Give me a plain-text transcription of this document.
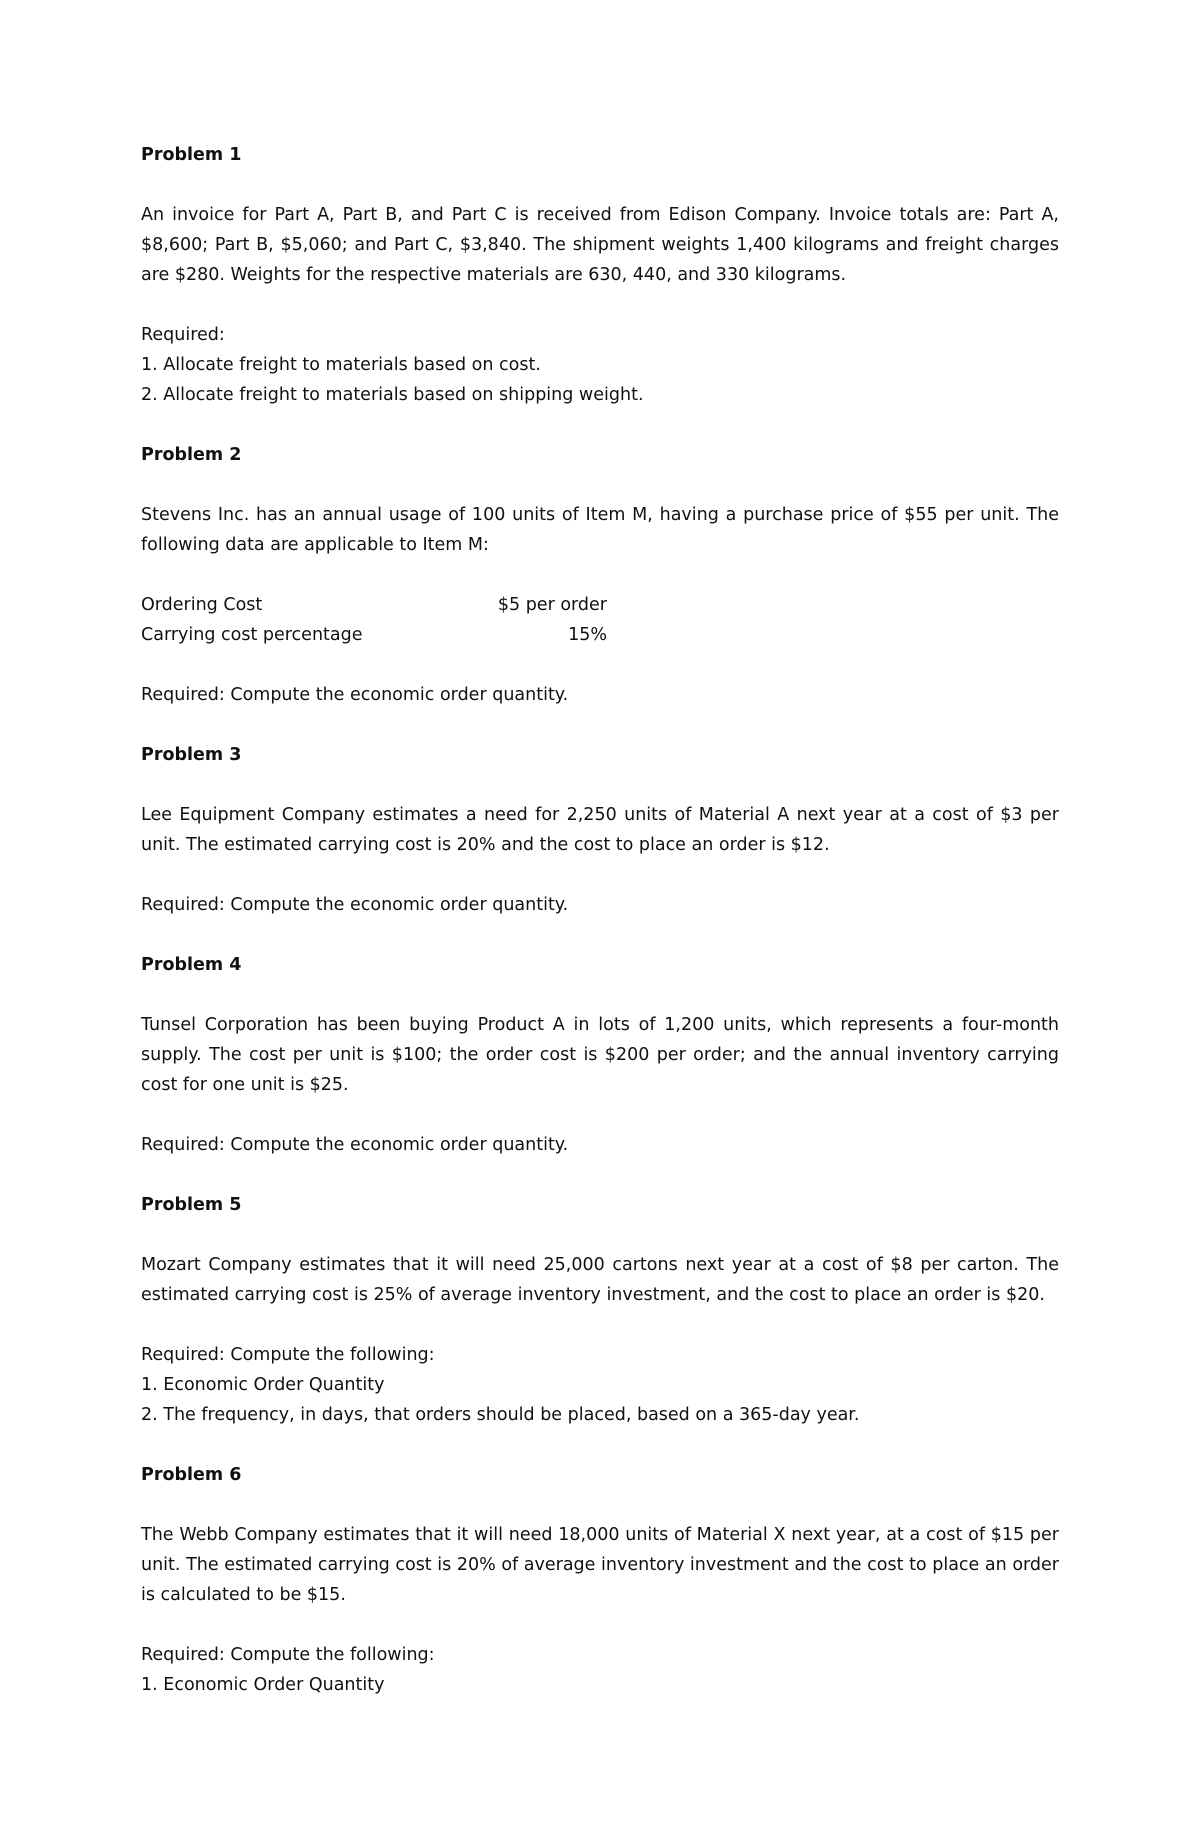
Problem 1

An invoice for Part A, Part B, and Part C is received from Edison Company. Invoice totals are: Part A, $8,600; Part B, $5,060; and Part C, $3,840. The shipment weights 1,400 kilograms and freight charges are $280. Weights for the respective materials are 630, 440, and 330 kilograms.

Required:

1. Allocate freight to materials based on cost.

2. Allocate freight to materials based on shipping weight.

Problem 2

Stevens Inc. has an annual usage of 100 units of Item M, having a purchase price of $55 per unit. The following data are applicable to Item M:

Ordering Cost	$5 per order
Carrying cost percentage	15%

Required: Compute the economic order quantity.

Problem 3

Lee Equipment Company estimates a need for 2,250 units of Material A next year at a cost of $3 per unit. The estimated carrying cost is 20% and the cost to place an order is $12.

Required: Compute the economic order quantity.

Problem 4

Tunsel Corporation has been buying Product A in lots of 1,200 units, which represents a four-month supply. The cost per unit is $100; the order cost is $200 per order; and the annual inventory carrying cost for one unit is $25.

Required: Compute the economic order quantity.

Problem 5

Mozart Company estimates that it will need 25,000 cartons next year at a cost of $8 per carton. The estimated carrying cost is 25% of average inventory investment, and the cost to place an order is $20.

Required: Compute the following:

1. Economic Order Quantity

2. The frequency, in days, that orders should be placed, based on a 365-day year.

Problem 6

The Webb Company estimates that it will need 18,000 units of Material X next year, at a cost of $15 per unit. The estimated carrying cost is 20% of average inventory investment and the cost to place an order is calculated to be $15.

Required: Compute the following:

1. Economic Order Quantity
